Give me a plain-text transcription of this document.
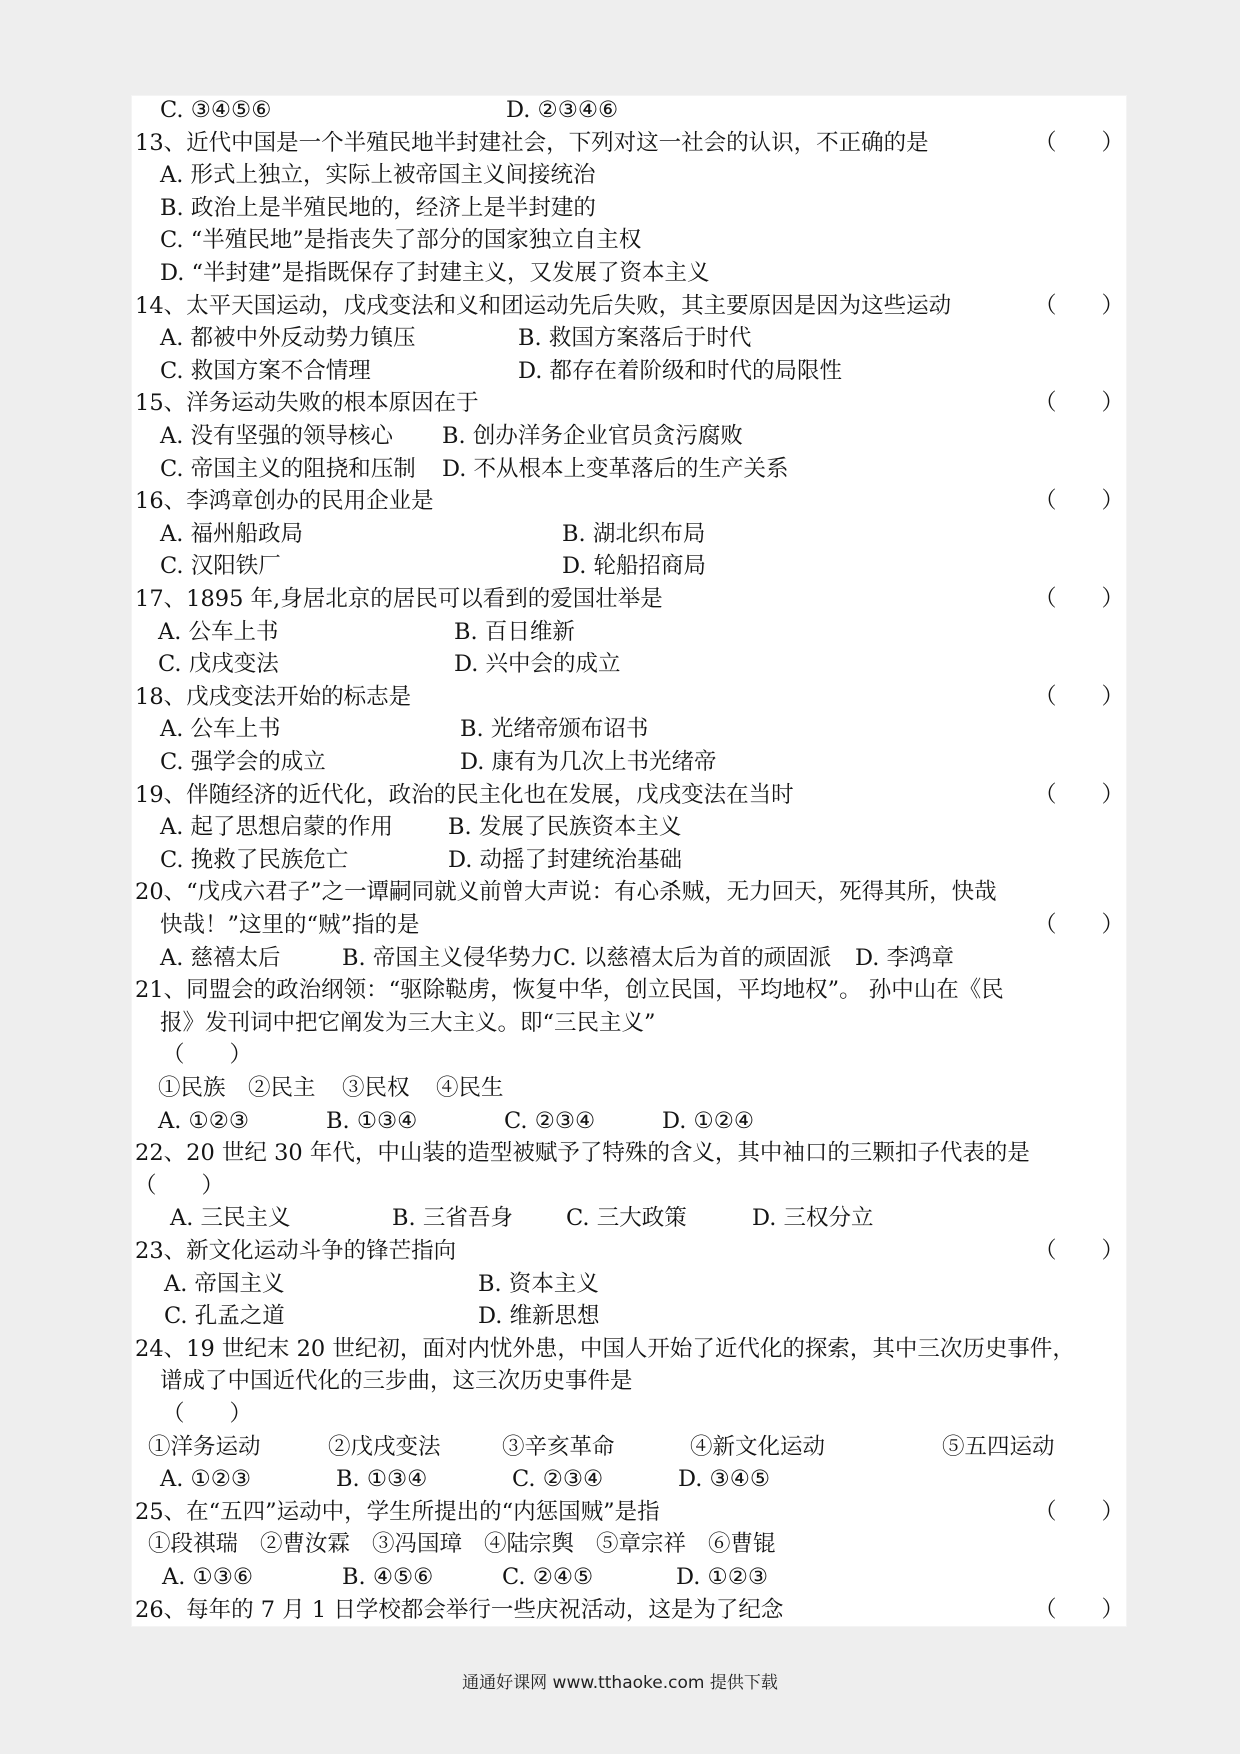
C. ③④⑤⑥	D. ②③④⑥
13、近代中国是一个半殖民地半封建社会，下列对这一社会的认识，不正确的是	（　　）
A. 形式上独立，实际上被帝国主义间接统治
B. 政治上是半殖民地的，经济上是半封建的
C. “半殖民地”是指丧失了部分的国家独立自主权
D. “半封建”是指既保存了封建主义，又发展了资本主义
14、太平天国运动，戊戌变法和义和团运动先后失败，其主要原因是因为这些运动	（　　）
A. 都被中外反动势力镇压	B. 救国方案落后于时代
C. 救国方案不合情理	D. 都存在着阶级和时代的局限性
15、洋务运动失败的根本原因在于	（　　）
A. 没有坚强的领导核心 B. 创办洋务企业官员贪污腐败
C. 帝国主义的阻挠和压制 D. 不从根本上变革落后的生产关系
16、李鸿章创办的民用企业是	（　　）
A. 福州船政局	B. 湖北织布局
C. 汉阳铁厂	D. 轮船招商局
17、1895 年,身居北京的居民可以看到的爱国壮举是	（　　）
A. 公车上书	B. 百日维新
C. 戊戌变法	D. 兴中会的成立
18、戊戌变法开始的标志是	（　　）
A. 公车上书	B. 光绪帝颁布诏书
C. 强学会的成立	D. 康有为几次上书光绪帝
19、伴随经济的近代化，政治的民主化也在发展，戊戌变法在当时	（　　）
A. 起了思想启蒙的作用 B. 发展了民族资本主义
C. 挽救了民族危亡	D. 动摇了封建统治基础
20、“戊戌六君子”之一谭嗣同就义前曾大声说：有心杀贼，无力回天，死得其所，快哉
快哉！”这里的“贼”指的是	（　　）
A. 慈禧太后	B. 帝国主义侵华势力 C. 以慈禧太后为首的顽固派 D. 李鸿章
21、同盟会的政治纲领：“驱除鞑虏，恢复中华，创立民国，平均地权”。 孙中山在《民
报》发刊词中把它阐发为三大主义。即“三民主义”
（　　）
①民族 ②民主 ③民权 ④民生
A. ①②③	B. ①③④	C. ②③④	D. ①②④
22、20 世纪 30 年代，中山装的造型被赋予了特殊的含义，其中袖口的三颗扣子代表的是
（　　）
A. 三民主义	B. 三省吾身 C. 三大政策	D. 三权分立
23、新文化运动斗争的锋芒指向	（　　）
A. 帝国主义	B. 资本主义
C. 孔孟之道	D. 维新思想
24、19 世纪末 20 世纪初，面对内忧外患，中国人开始了近代化的探索，其中三次历史事件，
谱成了中国近代化的三步曲，这三次历史事件是
（　　）
①洋务运动	②戊戌变法	③辛亥革命	④新文化运动	⑤五四运动
A. ①②③	B. ①③④	C. ②③④	D. ③④⑤
25、在“五四”运动中，学生所提出的“内惩国贼”是指	（　　）
①段祺瑞 ②曹汝霖 ③冯国璋 ④陆宗舆 ⑤章宗祥 ⑥曹锟
A. ①③⑥	B. ④⑤⑥	C. ②④⑤	D. ①②③
26、每年的 7 月 1 日学校都会举行一些庆祝活动，这是为了纪念	（　　）
通通好课网 www.tthaoke.com 提供下载
